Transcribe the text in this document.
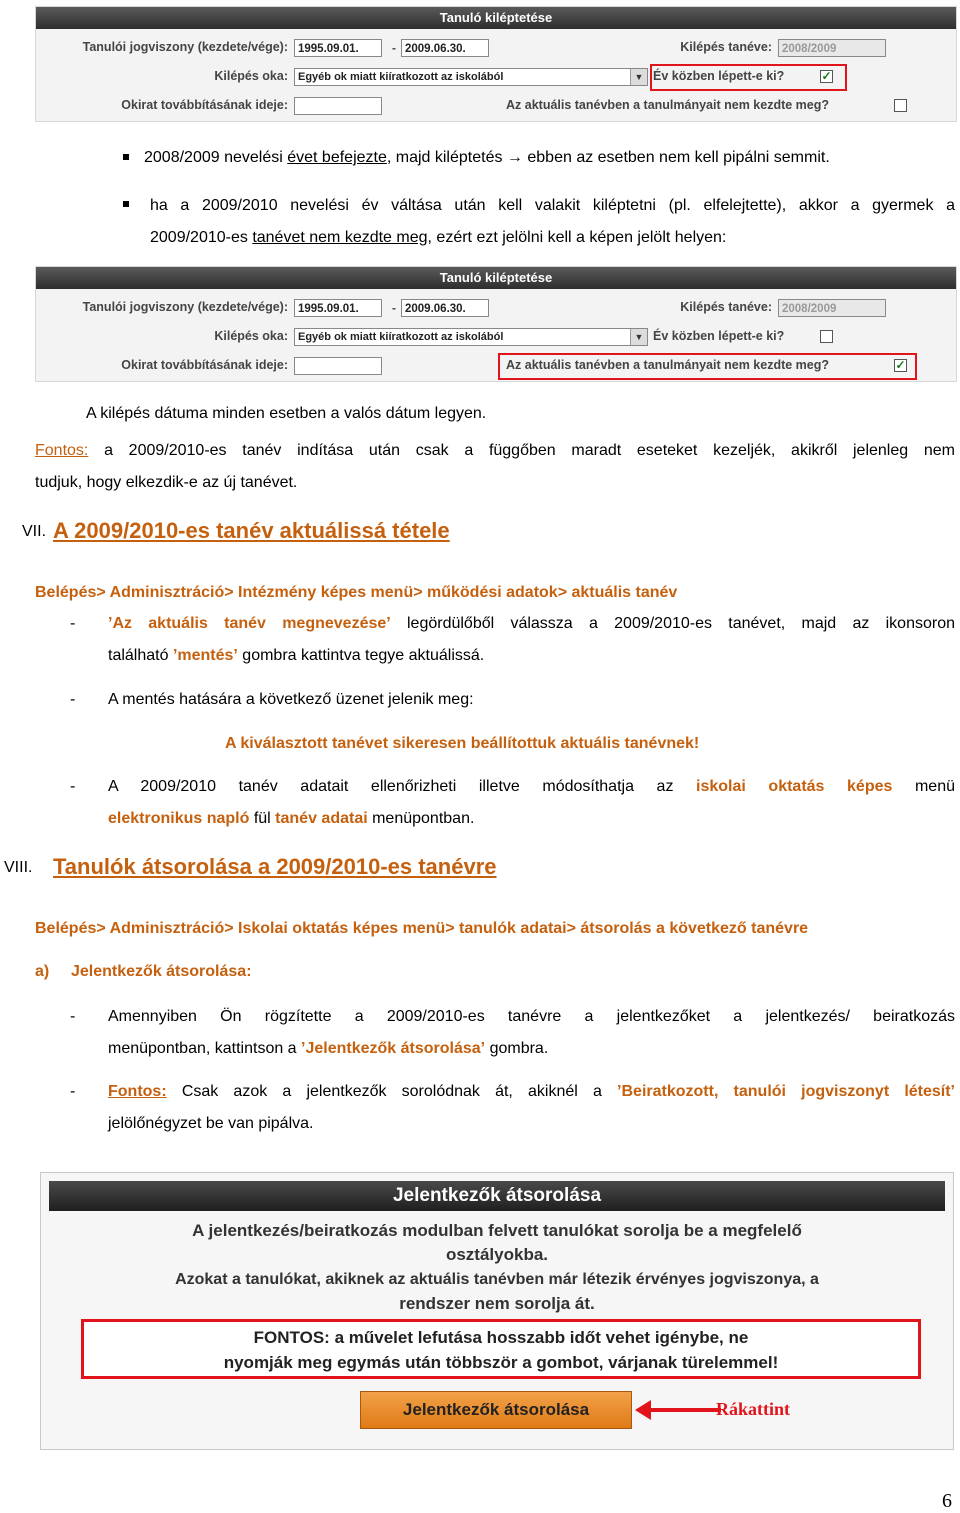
Tanuló kiléptetése
Tanulói jogviszony (kezdete/vége): 1995.09.01.	- 2009.06.30.	Kilépés tanéve: 2008/2009
Kilépés oka: Egyéb ok miatt kiíratkozott az iskolából	▼ Év közben lépett-e ki?	✓
Okirat továbbításának ideje:	Az aktuális tanévben a tanulmányait nem kezdte meg?
2008/2009 nevelési évet befejezte, majd kiléptetés → ebben az esetben nem kell pipálni semmit.
ha a 2009/2010 nevelési év váltása után kell valakit kiléptetni (pl. elfelejtette), akkor a gyermek a
2009/2010-es tanévet nem kezdte meg, ezért ezt jelölni kell a képen jelölt helyen:
Tanuló kiléptetése
Tanulói jogviszony (kezdete/vége): 1995.09.01.	- 2009.06.30.	Kilépés tanéve: 2008/2009
Kilépés oka: Egyéb ok miatt kiíratkozott az iskolából	▼ Év közben lépett-e ki?
Okirat továbbításának ideje:	Az aktuális tanévben a tanulmányait nem kezdte meg?	✓
A kilépés dátuma minden esetben a valós dátum legyen.
Fontos: a 2009/2010-es tanév indítása után csak a függőben maradt eseteket kezeljék, akikről jelenleg nem
tudjuk, hogy elkezdik-e az új tanévet.
VII. A 2009/2010-es tanév aktuálissá tétele
Belépés> Adminisztráció> Intézmény képes menü> működési adatok> aktuális tanév
- ’Az aktuális tanév megnevezése’ legördülőből válassza a 2009/2010-es tanévet, majd az ikonsoron
található ’mentés’ gombra kattintva tegye aktuálissá.
- A mentés hatására a következő üzenet jelenik meg:
A kiválasztott tanévet sikeresen beállítottuk aktuális tanévnek!
- A 2009/2010 tanév adatait ellenőrizheti illetve módosíthatja az iskolai oktatás képes menü
elektronikus napló fül tanév adatai menüpontban.
VIII. Tanulók átsorolása a 2009/2010-es tanévre
Belépés> Adminisztráció> Iskolai oktatás képes menü> tanulók adatai> átsorolás a következő tanévre
a) Jelentkezők átsorolása:
- Amennyiben Ön rögzítette a 2009/2010-es tanévre a jelentkezőket a jelentkezés/ beiratkozás
menüpontban, kattintson a ’Jelentkezők átsorolása’ gombra.
- Fontos: Csak azok a jelentkezők sorolódnak át, akiknél a ’Beiratkozott, tanulói jogviszonyt létesít’
jelölőnégyzet be van pipálva.
Jelentkezők átsorolása
A jelentkezés/beiratkozás modulban felvett tanulókat sorolja be a megfelelő
osztályokba.
Azokat a tanulókat, akiknek az aktuális tanévben már létezik érvényes jogviszonya, a
rendszer nem sorolja át.
FONTOS: a művelet lefutása hosszabb időt vehet igénybe, ne
nyomják meg egymás után többször a gombot, várjanak türelemmel!
Jelentkezők átsorolása	Rákattint
6
